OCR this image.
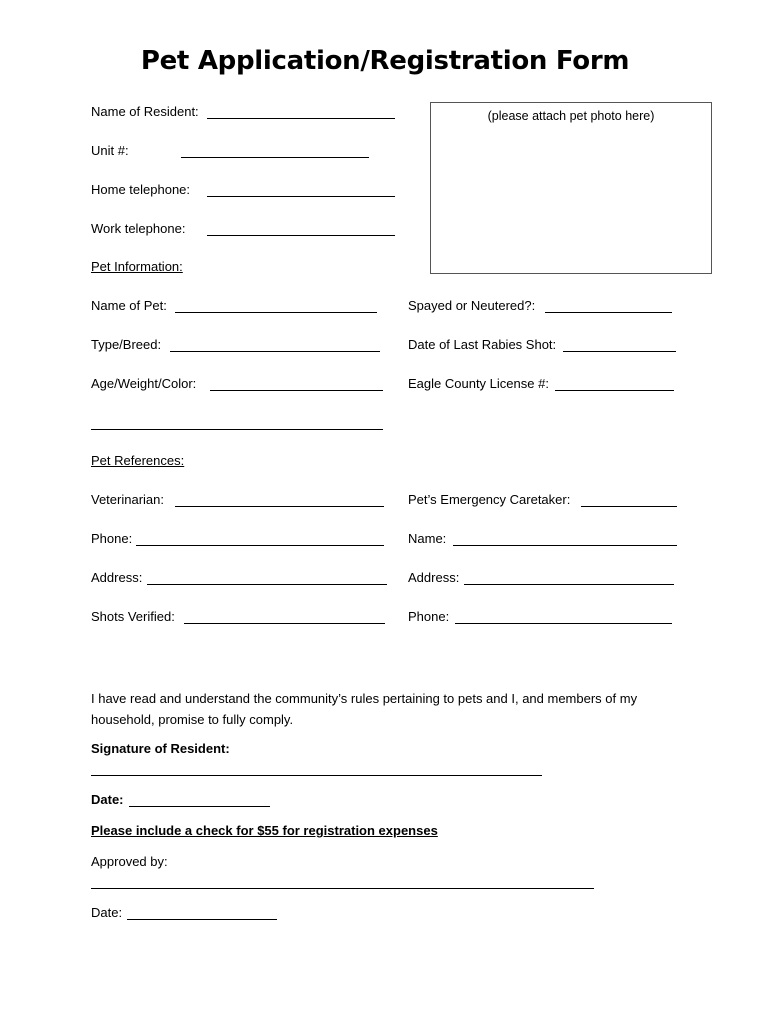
Pet Application/Registration Form
(please attach pet photo here)
Name of Resident:
Unit #:
Home telephone:
Work telephone:
Pet Information:
Name of Pet:	Spayed or Neutered?:
Type/Breed:	Date of Last Rabies Shot:
Age/Weight/Color:	Eagle County License #:
Pet References:
Veterinarian:	Pet’s Emergency Caretaker:
Phone:	Name:
Address:	Address:
Shots Verified:	Phone:
I have read and understand the community’s rules pertaining to pets and I, and members of my household, promise to fully comply.
Signature of Resident:
Date:
Please include a check for $55 for registration expenses
Approved by:
Date:
